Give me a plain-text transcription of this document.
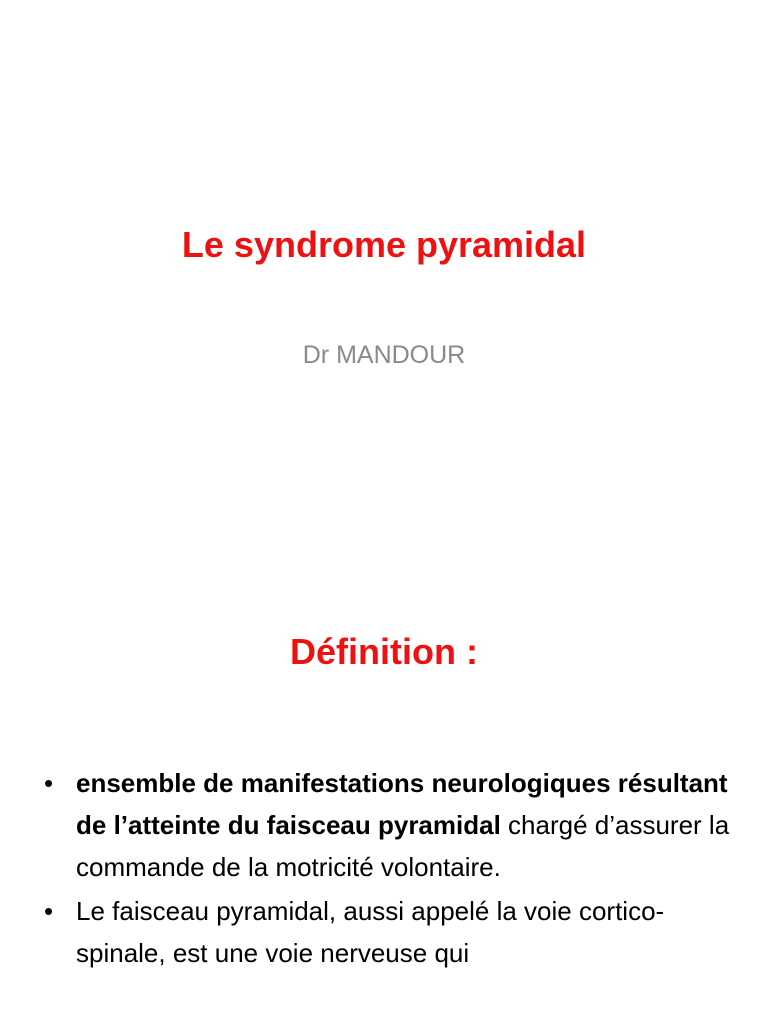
Le syndrome pyramidal

Dr MANDOUR

Définition :
• ensemble de manifestations neurologiques résultant de l’atteinte du faisceau pyramidal chargé d’assurer la commande de la motricité volontaire.
• Le faisceau pyramidal, aussi appelé la voie cortico-spinale, est une voie nerveuse qui
